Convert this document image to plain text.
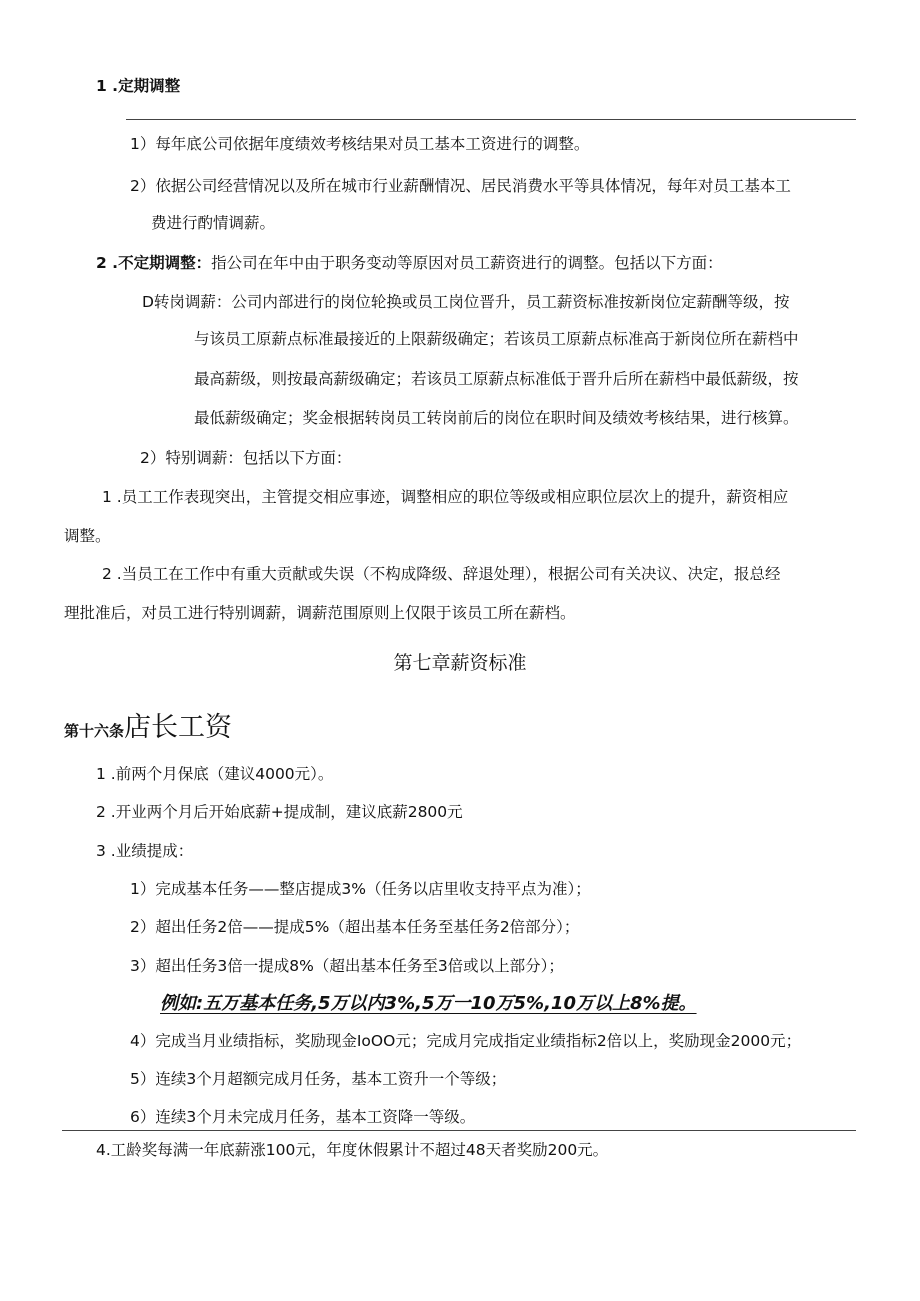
1 .定期调整
1）每年底公司依据年度绩效考核结果对员工基本工资进行的调整。
2）依据公司经营情况以及所在城市行业薪酬情况、居民消费水平等具体情况，每年对员工基本工
费进行酌情调薪。
2 .不定期调整：指公司在年中由于职务变动等原因对员工薪资进行的调整。包括以下方面：
D转岗调薪：公司内部进行的岗位轮换或员工岗位晋升，员工薪资标准按新岗位定薪酬等级，按
与该员工原薪点标准最接近的上限薪级确定；若该员工原薪点标准高于新岗位所在薪档中
最高薪级，则按最高薪级确定；若该员工原薪点标准低于晋升后所在薪档中最低薪级，按
最低薪级确定；奖金根据转岗员工转岗前后的岗位在职时间及绩效考核结果，进行核算。
2）特别调薪：包括以下方面：
1 .员工工作表现突出，主管提交相应事迹，调整相应的职位等级或相应职位层次上的提升，薪资相应
调整。
2 .当员工在工作中有重大贡献或失误（不构成降级、辞退处理），根据公司有关决议、决定，报总经
理批准后，对员工进行特别调薪，调薪范围原则上仅限于该员工所在薪档。
第七章薪资标准
第十六条店长工资
1 .前两个月保底（建议4000元）。
2 .开业两个月后开始底薪+提成制，建议底薪2800元
3 .业绩提成：
1）完成基本任务——整店提成3%（任务以店里收支持平点为准）；
2）超出任务2倍——提成5%（超出基本任务至基任务2倍部分）；
3）超出任务3倍一提成8%（超出基本任务至3倍或以上部分）；
例如:五万基本任务,5万以内3%,5万一10万5%,10万以上8%提。
4）完成当月业绩指标，奖励现金IoOO元；完成月完成指定业绩指标2倍以上，奖励现金2000元；
5）连续3个月超额完成月任务，基本工资升一个等级；
6）连续3个月未完成月任务，基本工资降一等级。
4.工龄奖每满一年底薪涨100元，年度休假累计不超过48天者奖励200元。
